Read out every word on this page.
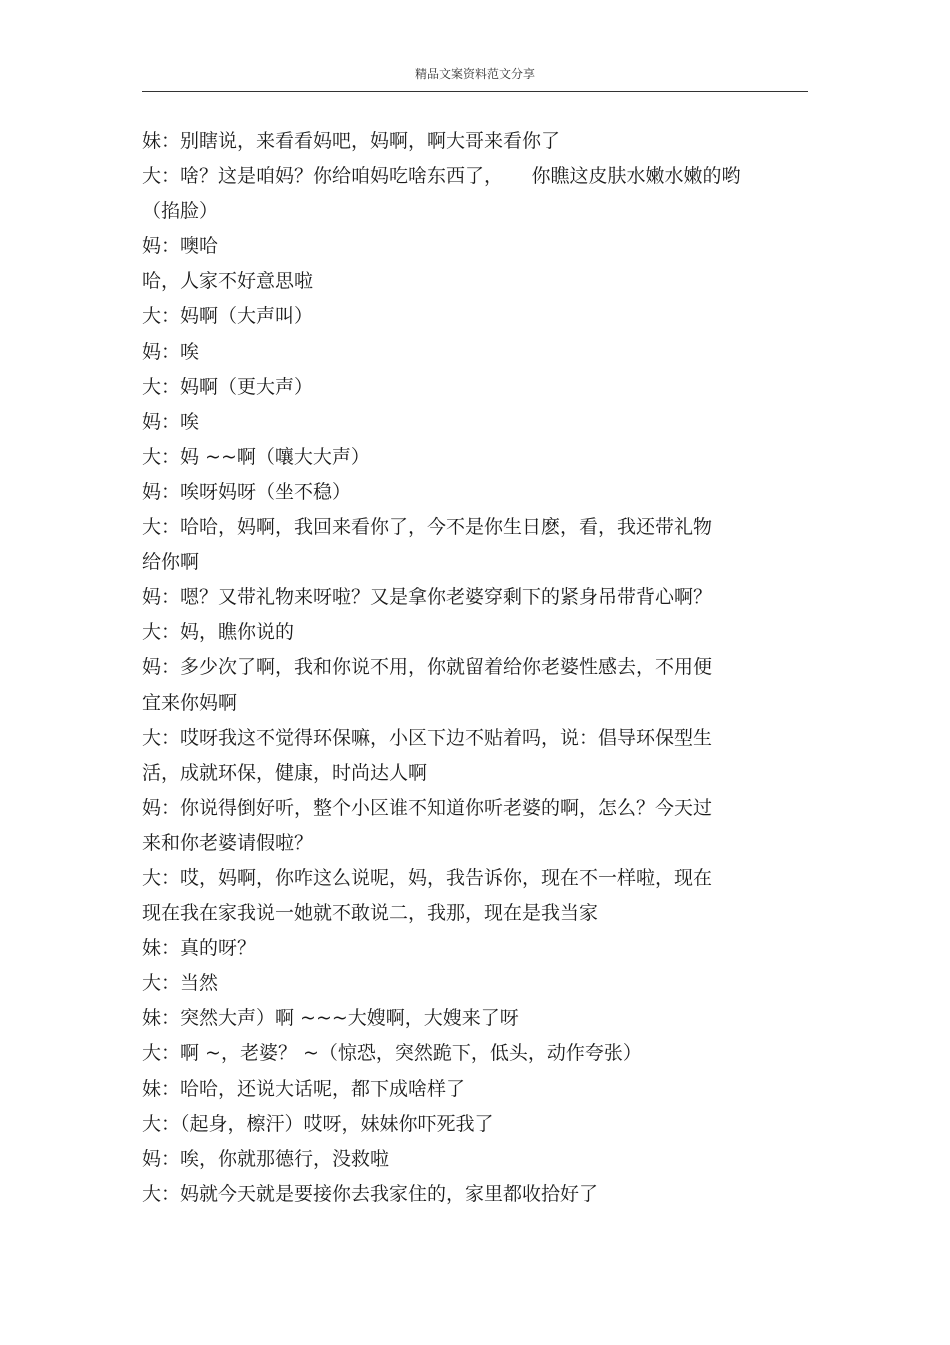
精品文案资料范文分享

妹：别瞎说，来看看妈吧，妈啊，啊大哥来看你了

大：啥？这是咱妈？你给咱妈吃啥东西了，　　你瞧这皮肤水嫩水嫩的哟

（掐脸）

妈：噢哈

哈，人家不好意思啦

大：妈啊（大声叫）

妈：唉

大：妈啊（更大声）

妈：唉

大：妈 ~~啊（嚷大大声）

妈：唉呀妈呀（坐不稳）

大：哈哈，妈啊，我回来看你了，今不是你生日麽，看，我还带礼物

给你啊

妈：嗯？又带礼物来呀啦？又是拿你老婆穿剩下的紧身吊带背心啊？

大：妈，瞧你说的

妈：多少次了啊，我和你说不用，你就留着给你老婆性感去，不用便

宜来你妈啊

大：哎呀我这不觉得环保嘛，小区下边不贴着吗，说：倡导环保型生

活，成就环保，健康，时尚达人啊

妈：你说得倒好听，整个小区谁不知道你听老婆的啊，怎么？今天过

来和你老婆请假啦？

大：哎，妈啊，你咋这么说呢，妈，我告诉你，现在不一样啦，现在

现在我在家我说一她就不敢说二，我那，现在是我当家

妹：真的呀？

大：当然

妹：突然大声）啊 ~~~大嫂啊，大嫂来了呀

大：啊 ~，老婆？ ~（惊恐，突然跪下，低头，动作夸张）

妹：哈哈，还说大话呢，都下成啥样了

大：（起身，檫汗）哎呀，妹妹你吓死我了

妈：唉，你就那德行，没救啦

大：妈就今天就是要接你去我家住的，家里都收拾好了
